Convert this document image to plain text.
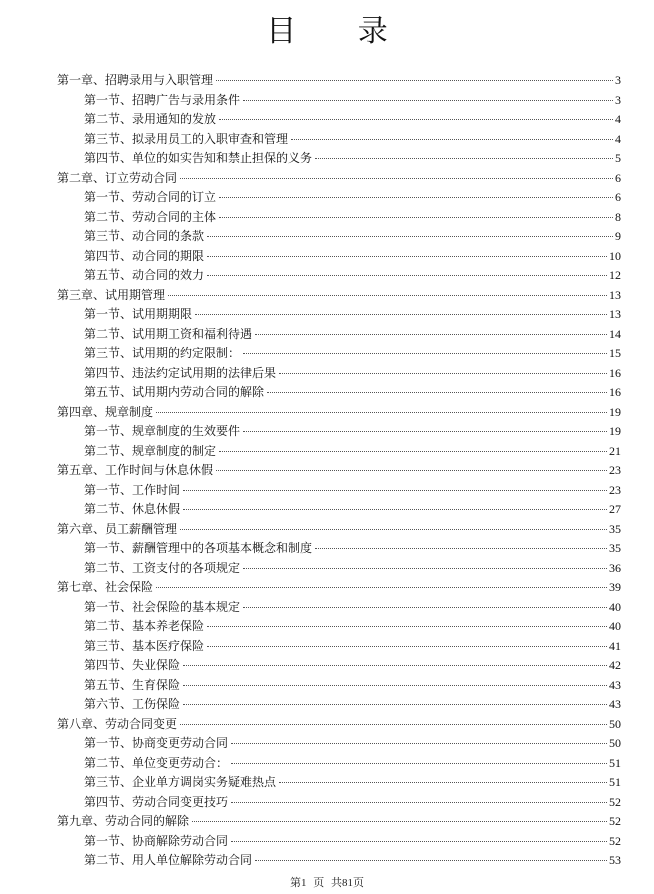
目 录
第一章、招聘录用与入职管理	3
第一节、招聘广告与录用条件	3
第二节、录用通知的发放	4
第三节、拟录用员工的入职审查和管理	4
第四节、单位的如实告知和禁止担保的义务	5
第二章、订立劳动合同	6
第一节、劳动合同的订立	6
第二节、劳动合同的主体	8
第三节、动合同的条款	9
第四节、动合同的期限	10
第五节、动合同的效力	12
第三章、试用期管理	13
第一节、试用期期限	13
第二节、试用期工资和福利待遇	14
第三节、试用期的约定限制：	15
第四节、违法约定试用期的法律后果	16
第五节、试用期内劳动合同的解除	16
第四章、规章制度	19
第一节、规章制度的生效要件	19
第二节、规章制度的制定	21
第五章、工作时间与休息休假	23
第一节、工作时间	23
第二节、休息休假	27
第六章、员工薪酬管理	35
第一节、薪酬管理中的各项基本概念和制度	35
第二节、工资支付的各项规定	36
第七章、社会保险	39
第一节、社会保险的基本规定	40
第二节、基本养老保险	40
第三节、基本医疗保险	41
第四节、失业保险	42
第五节、生育保险	43
第六节、工伤保险	43
第八章、劳动合同变更	50
第一节、协商变更劳动合同	50
第二节、单位变更劳动合：	51
第三节、企业单方调岗实务疑难热点	51
第四节、劳动合同变更技巧	52
第九章、劳动合同的解除	52
第一节、协商解除劳动合同	52
第二节、用人单位解除劳动合同	53
第1 页 共81页
